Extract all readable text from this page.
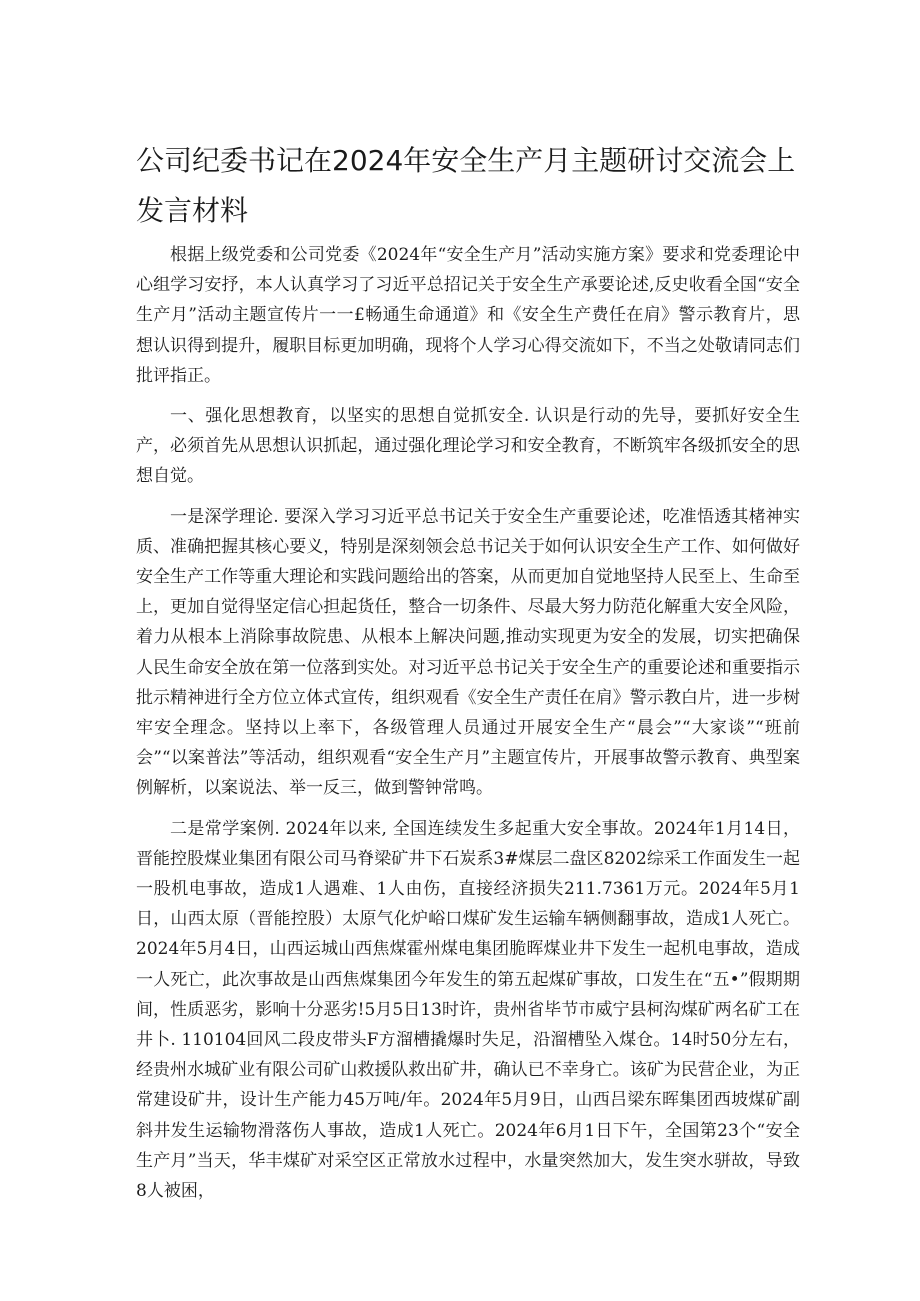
公司纪委书记在2024年安全生产月主题研讨交流会上发言材料

根据上级党委和公司党委《2024年“安全生产月”活动实施方案》要求和党委理论中心组学习安抒，本人认真学习了习近平总招记关于安全生产承要论述,反史收看全国“安全生产月”活动主题宣传片一一£畅通生命通道》和《安全生产费任在肩》警示教育片，思想认识得到提升，履职目标更加明确，现将个人学习心得交流如下，不当之处敬请同志们批评指正。

一、强化思想教育，以坚实的思想自觉抓安全. 认识是行动的先导，要抓好安全生产，必须首先从思想认识抓起，通过强化理论学习和安全教育，不断筑牢各级抓安全的思想自觉。

一是深学理论. 要深入学习习近平总书记关于安全生产重要论述，吃准悟透其楮神实质、准确把握其核心要义，特别是深刻领会总书记关于如何认识安全生产工作、如何做好安全生产工作等重大理论和实践问题给出的答案，从而更加自觉地坚持人民至上、生命至上，更加自觉得坚定信心担起货任，整合一切条件、尽最大努力防范化解重大安全风险，着力从根本上消除事故院患、从根本上解决问题,推动实现更为安全的发展，切实把确保人民生命安全放在第一位落到实处。对习近平总书记关于安全生产的重要论述和重要指示批示精神进行全方位立体式宣传，组织观看《安全生产责任在肩》警示教白片，进一步树牢安全理念。坚持以上率下，各级管理人员通过开展安全生产“晨会”“大家谈”“班前会”“以案普法”等活动，组织观看“安全生产月”主题宣传片，开展事故警示教育、典型案例解析，以案说法、举一反三，做到警钟常鸣。

二是常学案例. 2024年以来, 全国连续发生多起重大安全事故。2024年1月14日，晋能控股煤业集团有限公司马脊梁矿井下石炭系3#煤层二盘区8202综采工作面发生一起一股机电事故，造成1人遇难、1人由伤，直接经济损失211.7361万元。2024年5月1日，山西太原（晋能控股）太原气化炉峪口煤矿发生运输车辆侧翻事故，造成1人死亡。2024年5月4日，山西运城山西焦煤霍州煤电集团脆晖煤业井下发生一起机电事故，造成一人死亡，此次事故是山西焦煤集团今年发生的第五起煤矿事故，口发生在“五•”假期期间，性质恶劣，影响十分恶劣!5月5日13时许，贵州省毕节市威宁县柯沟煤矿两名矿工在井卜. 110104回风二段皮带头F方溜槽撬爆时失足，沿溜槽坠入煤仓。14时50分左右，经贵州水城矿业有限公司矿山救援队救出矿井，确认已不幸身亡。该矿为民营企业，为正常建设矿井，设计生产能力45万吨/年。2024年5月9日，山西吕梁东晖集团西坡煤矿副斜井发生运输物滑落伤人事故，造成1人死亡。2024年6月1日下午，全国第23个“安全生产月”当天，华丰煤矿对采空区正常放水过程中，水量突然加大，发生突水骈故，导致8人被困，
